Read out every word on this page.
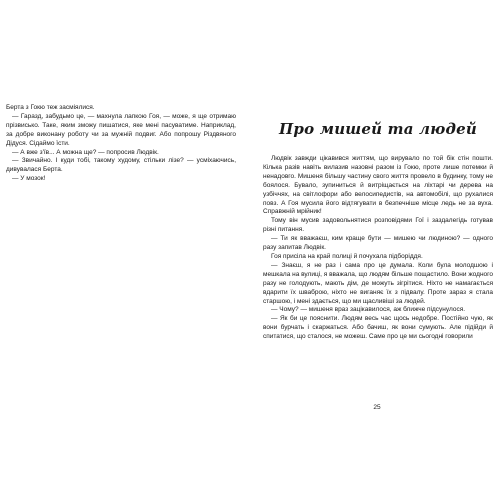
Берта з Гокю теж засміялися.

— Гаразд, забудьмо це, — махнула лапкою Гоя, — може, я ще отримаю прізвисько. Таке, яким зможу пишатися, яке мені пасуватиме. Наприклад, за добре виконану роботу чи за мужній подвиг. Або попрошу Різдвяного Дідуся. Сідаймо їсти.

— А вже з'їв... А можна ще? — попросив Людвік.

— Звичайно. І куди тобі, такому худому, стільки лізе? — усміхаючись, дивувалася Берта.

— У мозок!

Про мишей та людей

Людвік завжди цікавився життям, що вирувало по той бік стін пошти. Кілька разів навіть вилазив назовні разом із Гокю, проте лише потемки й ненадовго. Мишеня більшу частину свого життя провело в будинку, тому не боялося. Бувало, зупиниться й витріщається на ліхтарі чи дерева на узбіччях, на світлофори або велосипедистів, на автомобілі, що рухалися повз. А Гоя мусила його відтягувати в безпечніше місце ледь не за вуха. Справжній мрійник!

Тому він мусив задовольнятися розповідями Гої і заздалегідь готував різні питання.

— Ти як вважаєш, ким краще бути — мишею чи людиною? — одного разу запитав Людвік.

Гоя присіла на край полиці й почухала підборіддя.

— Знаєш, я не раз і сама про це думала. Коли була молодшою і мешкала на вулиці, я вважала, що людям більше пощастило. Вони жодного разу не голодують, мають дім, де можуть зігрітися. Ніхто не намагається вдарити їх шваброю, ніхто не виганяє їх з підвалу. Проте зараз я стала старшою, і мені здається, що ми щасливіші за людей.

— Чому? — мишеня враз зацікавилося, аж ближче підсунулося.

— Як би це пояснити. Людям весь час щось недобре. Постійно чую, як вони бурчать і скаржаться. Або бачиш, як вони сумують. Але підійди й спитатися, що сталося, не можеш. Саме про це ми сьогодні говорили

25
